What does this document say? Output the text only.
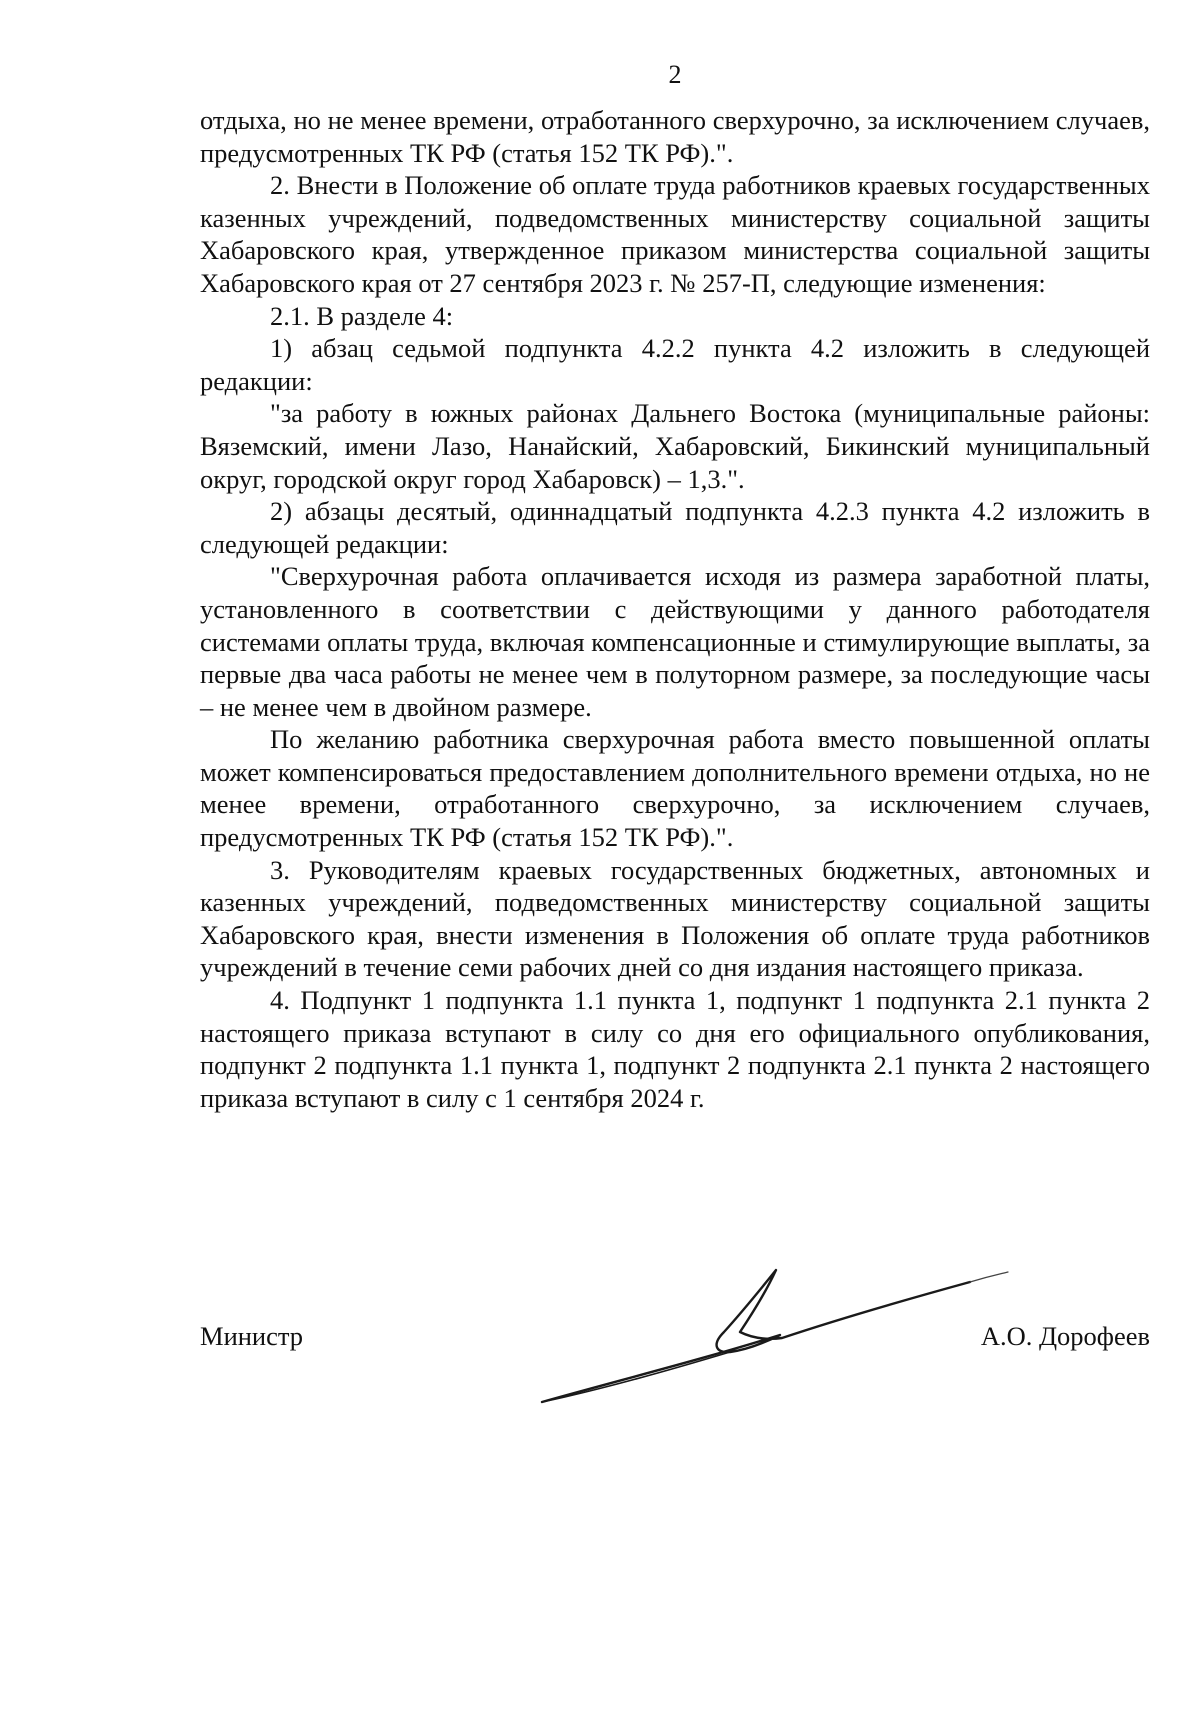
2

отдыха, но не менее времени, отработанного сверхурочно, за исключением случаев, предусмотренных ТК РФ (статья 152 ТК РФ).".

2. Внести в Положение об оплате труда работников краевых государственных казенных учреждений, подведомственных министерству социальной защиты Хабаровского края, утвержденное приказом министерства социальной защиты Хабаровского края от 27 сентября 2023 г. № 257-П, следующие изменения:

2.1. В разделе 4:

1) абзац седьмой подпункта 4.2.2 пункта 4.2 изложить в следующей редакции:

"за работу в южных районах Дальнего Востока (муниципальные районы: Вяземский, имени Лазо, Нанайский, Хабаровский, Бикинский муниципальный округ, городской округ город Хабаровск) – 1,3.".

2) абзацы десятый, одиннадцатый подпункта 4.2.3 пункта 4.2 изложить в следующей редакции:

"Сверхурочная работа оплачивается исходя из размера заработной платы, установленного в соответствии с действующими у данного работодателя системами оплаты труда, включая компенсационные и стимулирующие выплаты, за первые два часа работы не менее чем в полуторном размере, за последующие часы – не менее чем в двойном размере.

По желанию работника сверхурочная работа вместо повышенной оплаты может компенсироваться предоставлением дополнительного времени отдыха, но не менее времени, отработанного сверхурочно, за исключением случаев, предусмотренных ТК РФ (статья 152 ТК РФ).".

3. Руководителям краевых государственных бюджетных, автономных и казенных учреждений, подведомственных министерству социальной защиты Хабаровского края, внести изменения в Положения об оплате труда работников учреждений в течение семи рабочих дней со дня издания настоящего приказа.

4. Подпункт 1 подпункта 1.1 пункта 1, подпункт 1 подпункта 2.1 пункта 2 настоящего приказа вступают в силу со дня его официального опубликования, подпункт 2 подпункта 1.1 пункта 1, подпункт 2 подпункта 2.1 пункта 2 настоящего приказа вступают в силу с 1 сентября 2024 г.

Министр	А.О. Дорофеев
